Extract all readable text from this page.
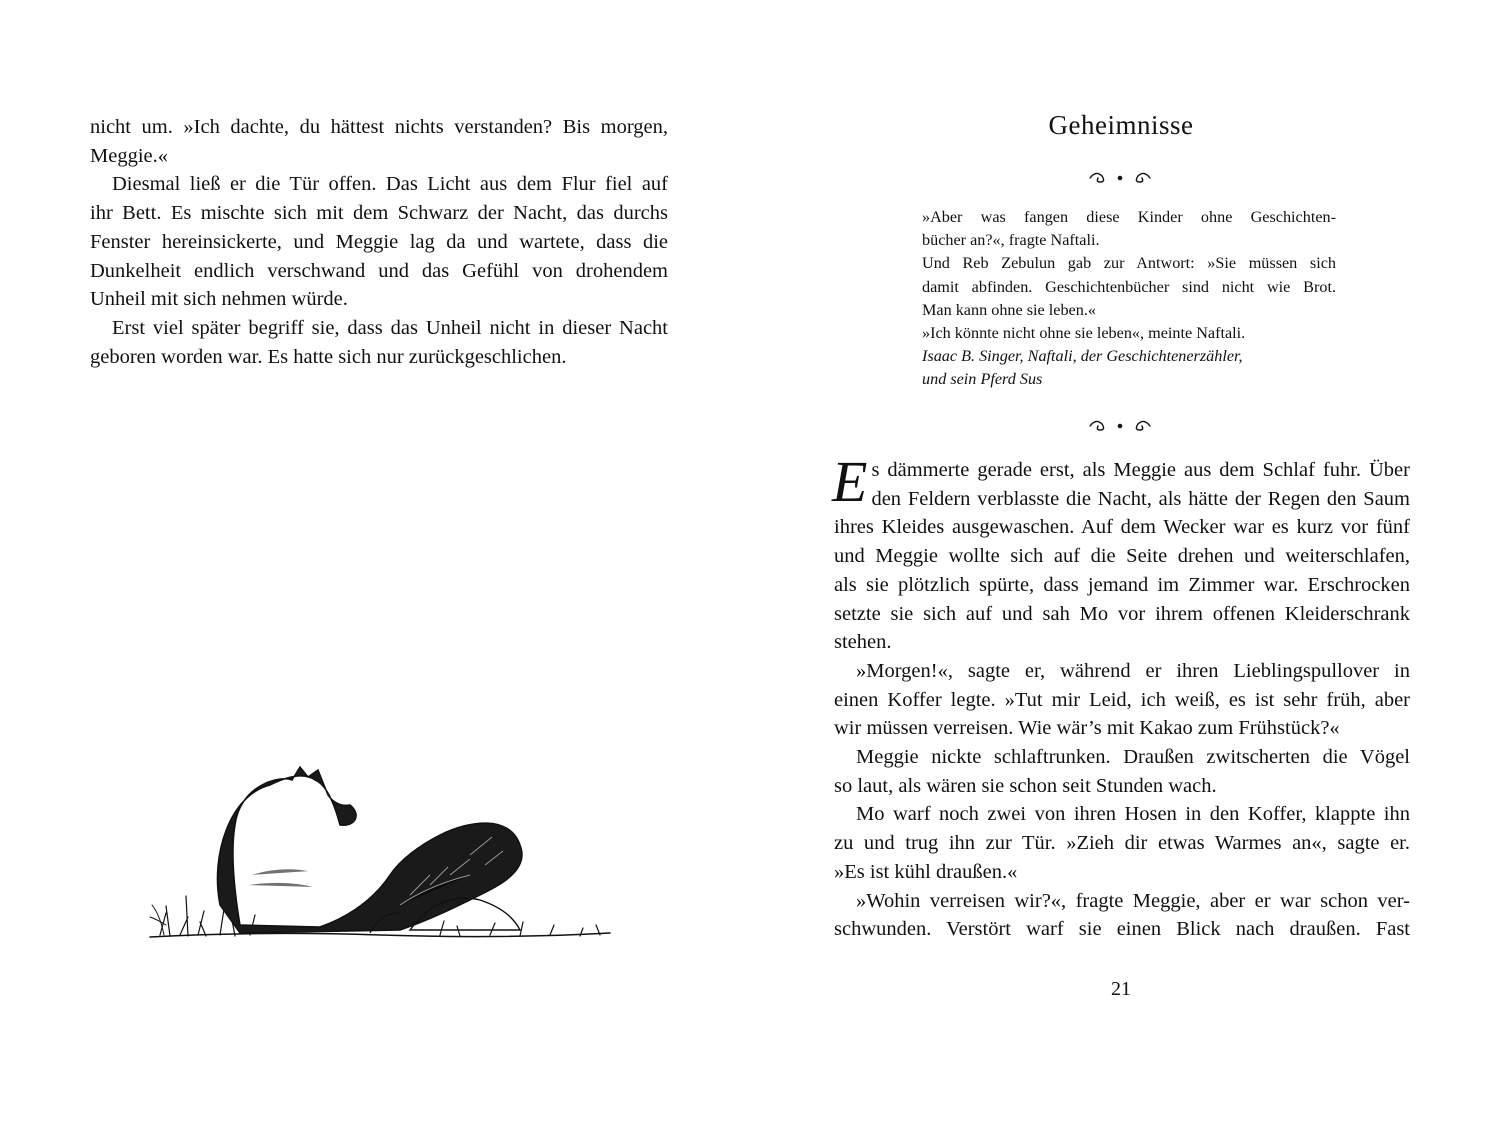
nicht um. »Ich dachte, du hättest nichts verstanden? Bis morgen,
Meggie.«

Diesmal ließ er die Tür offen. Das Licht aus dem Flur fiel auf

ihr Bett. Es mischte sich mit dem Schwarz der Nacht, das durchs
Fenster hereinsickerte, und Meggie lag da und wartete, dass die
Dunkelheit endlich verschwand und das Gefühl von drohendem
Unheil mit sich nehmen würde.

Erst viel später begriff sie, dass das Unheil nicht in dieser Nacht

geboren worden war. Es hatte sich nur zurückgeschlichen.

Geheimnisse
»Aber was fangen diese Kinder ohne Geschichten-
bücher an?«, fragte Naftali.
Und Reb Zebulun gab zur Antwort: »Sie müssen sich
damit abfinden. Geschichtenbücher sind nicht wie Brot.
Man kann ohne sie leben.«
»Ich könnte nicht ohne sie leben«, meinte Naftali.
Isaac B. Singer, Naftali, der Geschichtenerzähler,
und sein Pferd Sus

E s dämmerte gerade erst, als Meggie aus dem Schlaf fuhr. Über
den Feldern verblasste die Nacht, als hätte der Regen den Saum
ihres Kleides ausgewaschen. Auf dem Wecker war es kurz vor fünf
und Meggie wollte sich auf die Seite drehen und weiterschlafen,
als sie plötzlich spürte, dass jemand im Zimmer war. Erschrocken
setzte sie sich auf und sah Mo vor ihrem offenen Kleiderschrank
stehen.

»Morgen!«, sagte er, während er ihren Lieblingspullover in

einen Koffer legte. »Tut mir Leid, ich weiß, es ist sehr früh, aber
wir müssen verreisen. Wie wär’s mit Kakao zum Frühstück?«

Meggie nickte schlaftrunken. Draußen zwitscherten die Vögel

so laut, als wären sie schon seit Stunden wach.

Mo warf noch zwei von ihren Hosen in den Koffer, klappte ihn

zu und trug ihn zur Tür. »Zieh dir etwas Warmes an«, sagte er.
»Es ist kühl draußen.«

»Wohin verreisen wir?«, fragte Meggie, aber er war schon ver-

schwunden. Verstört warf sie einen Blick nach draußen. Fast

21
